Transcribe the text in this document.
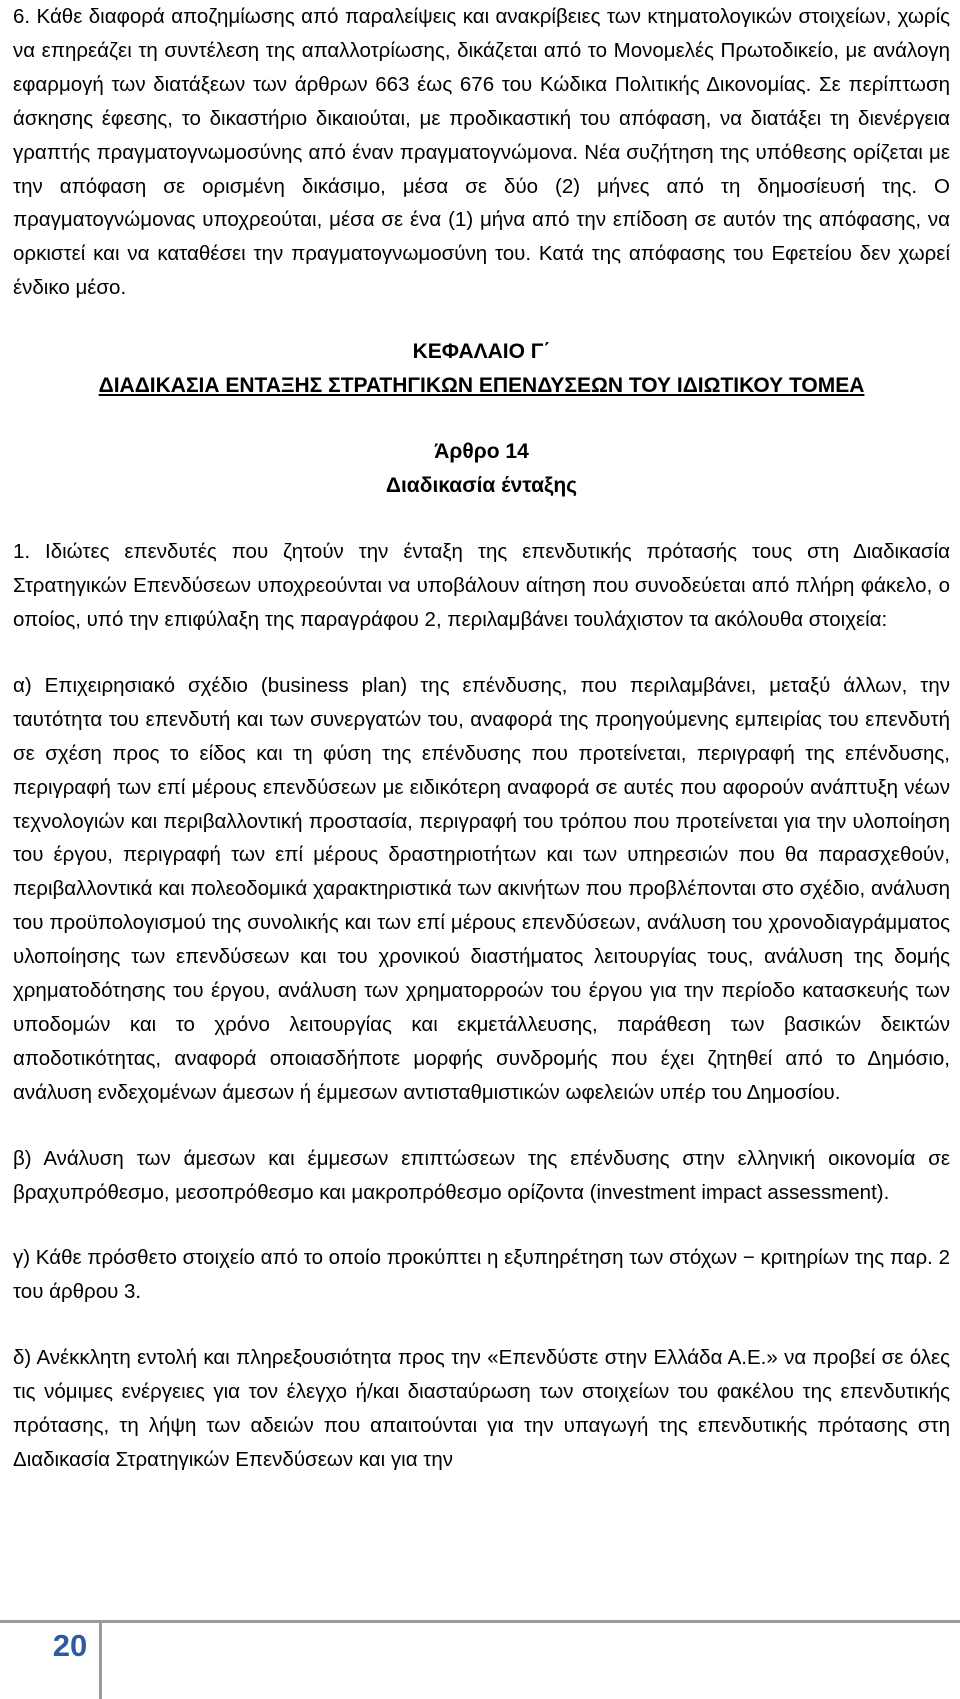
6. Κάθε διαφορά αποζημίωσης από παραλείψεις και ανακρίβειες των κτηματολογικών στοιχείων, χωρίς να επηρεάζει τη συντέλεση της απαλλοτρίωσης, δικάζεται από το Μονομελές Πρωτοδικείο, με ανάλογη εφαρμογή των διατάξεων των άρθρων 663 έως 676 του Κώδικα Πολιτικής Δικονομίας. Σε περίπτωση άσκησης έφεσης, το δικαστήριο δικαιούται, με προδικαστική του απόφαση, να διατάξει τη διενέργεια γραπτής πραγματογνωμοσύνης από έναν πραγματογνώμονα. Νέα συζήτηση της υπόθεσης ορίζεται με την απόφαση σε ορισμένη δικάσιμο, μέσα σε δύο (2) μήνες από τη δημοσίευσή της. Ο πραγματογνώμονας υποχρεούται, μέσα σε ένα (1) μήνα από την επίδοση σε αυτόν της απόφασης, να ορκιστεί και να καταθέσει την πραγματογνωμοσύνη του. Κατά της απόφασης του Εφετείου δεν χωρεί ένδικο μέσο.

ΚΕΦΑΛΑΙΟ Γ΄

ΔΙΑΔΙΚΑΣΙΑ ΕΝΤΑΞΗΣ ΣΤΡΑΤΗΓΙΚΩΝ ΕΠΕΝΔΥΣΕΩΝ ΤΟΥ ΙΔΙΩΤΙΚΟΥ ΤΟΜΕΑ

Άρθρο 14

Διαδικασία ένταξης

1. Ιδιώτες επενδυτές που ζητούν την ένταξη της επενδυτικής πρότασής τους στη Διαδικασία Στρατηγικών Επενδύσεων υποχρεούνται να υποβάλουν αίτηση που συνοδεύεται από πλήρη φάκελο, ο οποίος, υπό την επιφύλαξη της παραγράφου 2, περιλαμβάνει τουλάχιστον τα ακόλουθα στοιχεία:

α) Επιχειρησιακό σχέδιο (business plan) της επένδυσης, που περιλαμβάνει, μεταξύ άλλων, την ταυτότητα του επενδυτή και των συνεργατών του, αναφορά της προηγούμενης εμπειρίας του επενδυτή σε σχέση προς το είδος και τη φύση της επένδυσης που προτείνεται, περιγραφή της επένδυσης, περιγραφή των επί μέρους επενδύσεων με ειδικότερη αναφορά σε αυτές που αφορούν ανάπτυξη νέων τεχνολογιών και περιβαλλοντική προστασία, περιγραφή του τρόπου που προτείνεται για την υλοποίηση του έργου, περιγραφή των επί μέρους δραστηριοτήτων και των υπηρεσιών που θα παρασχεθούν, περιβαλλοντικά και πολεοδομικά χαρακτηριστικά των ακινήτων που προβλέπονται στο σχέδιο, ανάλυση του προϋπολογισμού της συνολικής και των επί μέρους επενδύσεων, ανάλυση του χρονοδιαγράμματος υλοποίησης των επενδύσεων και του χρονικού διαστήματος λειτουργίας τους, ανάλυση της δομής χρηματοδότησης του έργου, ανάλυση των χρηματορροών του έργου για την περίοδο κατασκευής των υποδομών και το χρόνο λειτουργίας και εκμετάλλευσης, παράθεση των βασικών δεικτών αποδοτικότητας, αναφορά οποιασδήποτε μορφής συνδρομής που έχει ζητηθεί από το Δημόσιο, ανάλυση ενδεχομένων άμεσων ή έμμεσων αντισταθμιστικών ωφελειών υπέρ του Δημοσίου.

β) Ανάλυση των άμεσων και έμμεσων επιπτώσεων της επένδυσης στην ελληνική οικονομία σε βραχυπρόθεσμο, μεσοπρόθεσμο και μακροπρόθεσμο ορίζοντα (investment impact assessment).

γ) Κάθε πρόσθετο στοιχείο από το οποίο προκύπτει η εξυπηρέτηση των στόχων − κριτηρίων της παρ. 2 του άρθρου 3.

δ) Ανέκκλητη εντολή και πληρεξουσιότητα προς την «Επενδύστε στην Ελλάδα Α.Ε.» να προβεί σε όλες τις νόμιμες ενέργειες για τον έλεγχο ή/και διασταύρωση των στοιχείων του φακέλου της επενδυτικής πρότασης, τη λήψη των αδειών που απαιτούνται για την υπαγωγή της επενδυτικής πρότασης στη Διαδικασία Στρατηγικών Επενδύσεων και για την

20
